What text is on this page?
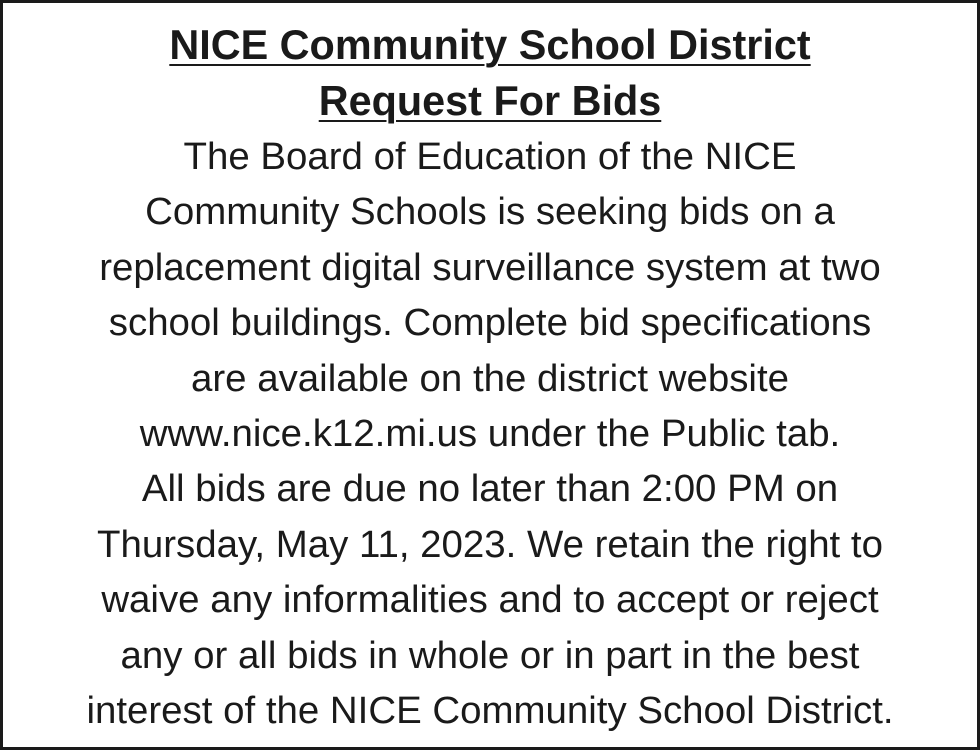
NICE Community School District
Request For Bids
The Board of Education of the NICE
Community Schools is seeking bids on a
replacement digital surveillance system at two
school buildings. Complete bid specifications
are available on the district website
www.nice.k12.mi.us under the Public tab.
All bids are due no later than 2:00 PM on
Thursday, May 11, 2023. We retain the right to
waive any informalities and to accept or reject
any or all bids in whole or in part in the best
interest of the NICE Community School District.
